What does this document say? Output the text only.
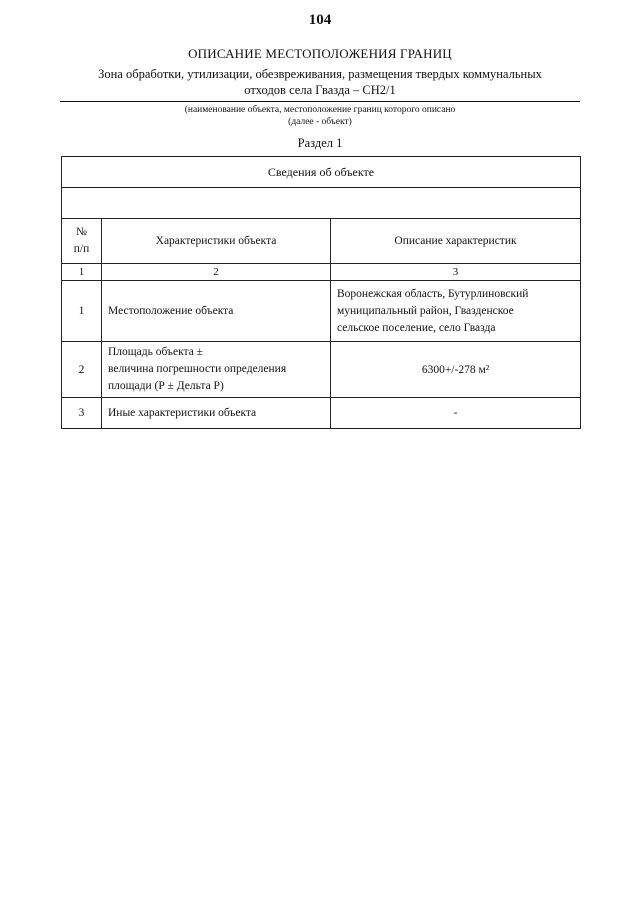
104
ОПИСАНИЕ МЕСТОПОЛОЖЕНИЯ ГРАНИЦ
Зона обработки, утилизации, обезвреживания, размещения твердых коммунальных
отходов села Гвазда – СН2/1
(наименование объекта, местоположение границ которого описано
(далее - объект)
Раздел 1
Сведения об объекте		

№
п/п	Характеристики объекта	Описание характеристик
1	2	3
1	Местоположение объекта	Воронежская область, Бутурлиновский
муниципальный район, Гвазденское
сельское поселение, село Гвазда
2	Площадь объекта ±
величина погрешности определения
площади (Р ± Дельта Р)	6300+/-278 м²
3	Иные характеристики объекта	-
